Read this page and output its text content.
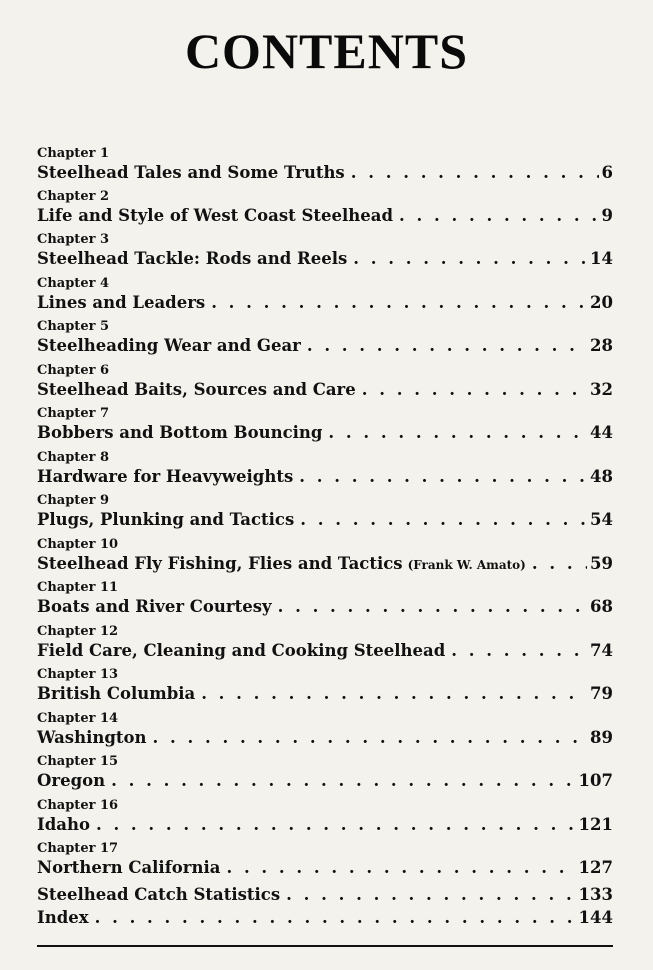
CONTENTS
Chapter 1
Steelhead Tales and Some Truths . . .	6
Chapter 2
Life and Style of West Coast Steelhead . . .	9
Chapter 3
Steelhead Tackle: Rods and Reels . . .	14
Chapter 4
Lines and Leaders . . .	20
Chapter 5
Steelheading Wear and Gear . . .	28
Chapter 6
Steelhead Baits, Sources and Care . . .	32
Chapter 7
Bobbers and Bottom Bouncing . . .	44
Chapter 8
Hardware for Heavyweights . . .	48
Chapter 9
Plugs, Plunking and Tactics . . .	54
Chapter 10
Steelhead Fly Fishing, Flies and Tactics (Frank W. Amato) . . .	59
Chapter 11
Boats and River Courtesy . . .	68
Chapter 12
Field Care, Cleaning and Cooking Steelhead . . .	74
Chapter 13
British Columbia . . .	79
Chapter 14
Washington . . .	89
Chapter 15
Oregon . . .	107
Chapter 16
Idaho . . .	121
Chapter 17
Northern California . . .	127
Steelhead Catch Statistics . . .	133
Index . . .	144
